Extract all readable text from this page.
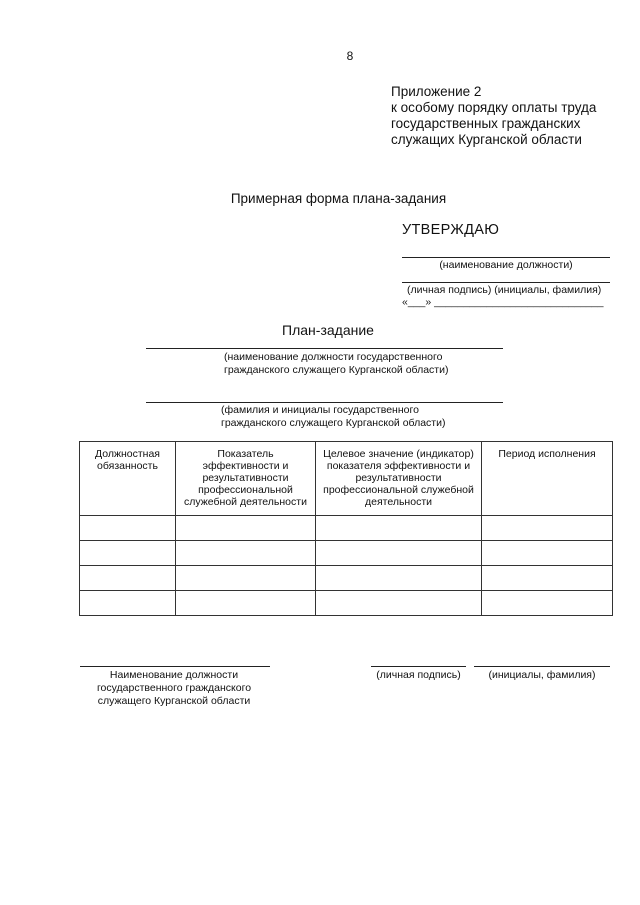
8
Приложение 2
к особому порядку оплаты труда
государственных гражданских
служащих Курганской области
Примерная форма плана-задания
УТВЕРЖДАЮ
(наименование должности)
(личная подпись) (инициалы, фамилия)
«___» _____________________________
План-задание
(наименование должности государственного
гражданского служащего Курганской области)
(фамилия и инициалы государственного
гражданского служащего Курганской области)
Должностная обязанность	Показатель эффективности и результативности профессиональной служебной деятельности	Целевое значение (индикатор) показателя эффективности и результативности профессиональной служебной деятельности	Период исполнения

Наименование должности
государственного гражданского
служащего Курганской области
(личная подпись)	(инициалы, фамилия)
